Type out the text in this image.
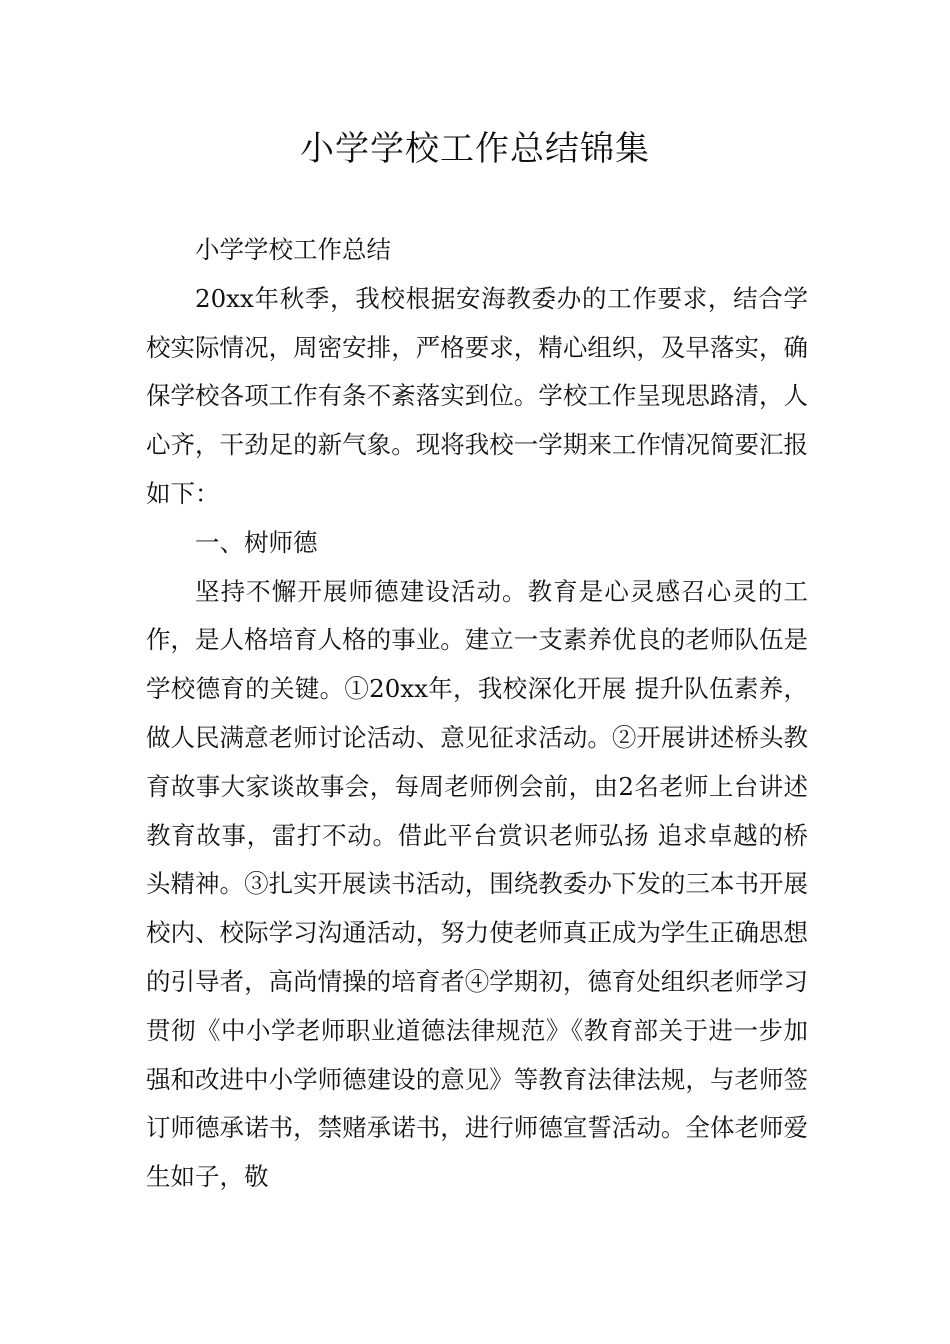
小学学校工作总结锦集

小学学校工作总结

20xx年秋季，我校根据安海教委办的工作要求，结合学校实际情况，周密安排，严格要求，精心组织，及早落实，确保学校各项工作有条不紊落实到位。学校工作呈现思路清，人心齐，干劲足的新气象。现将我校一学期来工作情况简要汇报如下：

一、树师德

坚持不懈开展师德建设活动。教育是心灵感召心灵的工作，是人格培育人格的事业。建立一支素养优良的老师队伍是学校德育的关键。①20xx年，我校深化开展 提升队伍素养，做人民满意老师讨论活动、意见征求活动。②开展讲述桥头教育故事大家谈故事会，每周老师例会前，由2名老师上台讲述教育故事，雷打不动。借此平台赏识老师弘扬 追求卓越的桥头精神。③扎实开展读书活动，围绕教委办下发的三本书开展校内、校际学习沟通活动，努力使老师真正成为学生正确思想的引导者，高尚情操的培育者④学期初，德育处组织老师学习贯彻《中小学老师职业道德法律规范》《教育部关于进一步加强和改进中小学师德建设的意见》等教育法律法规，与老师签订师德承诺书，禁赌承诺书，进行师德宣誓活动。全体老师爱生如子，敬
